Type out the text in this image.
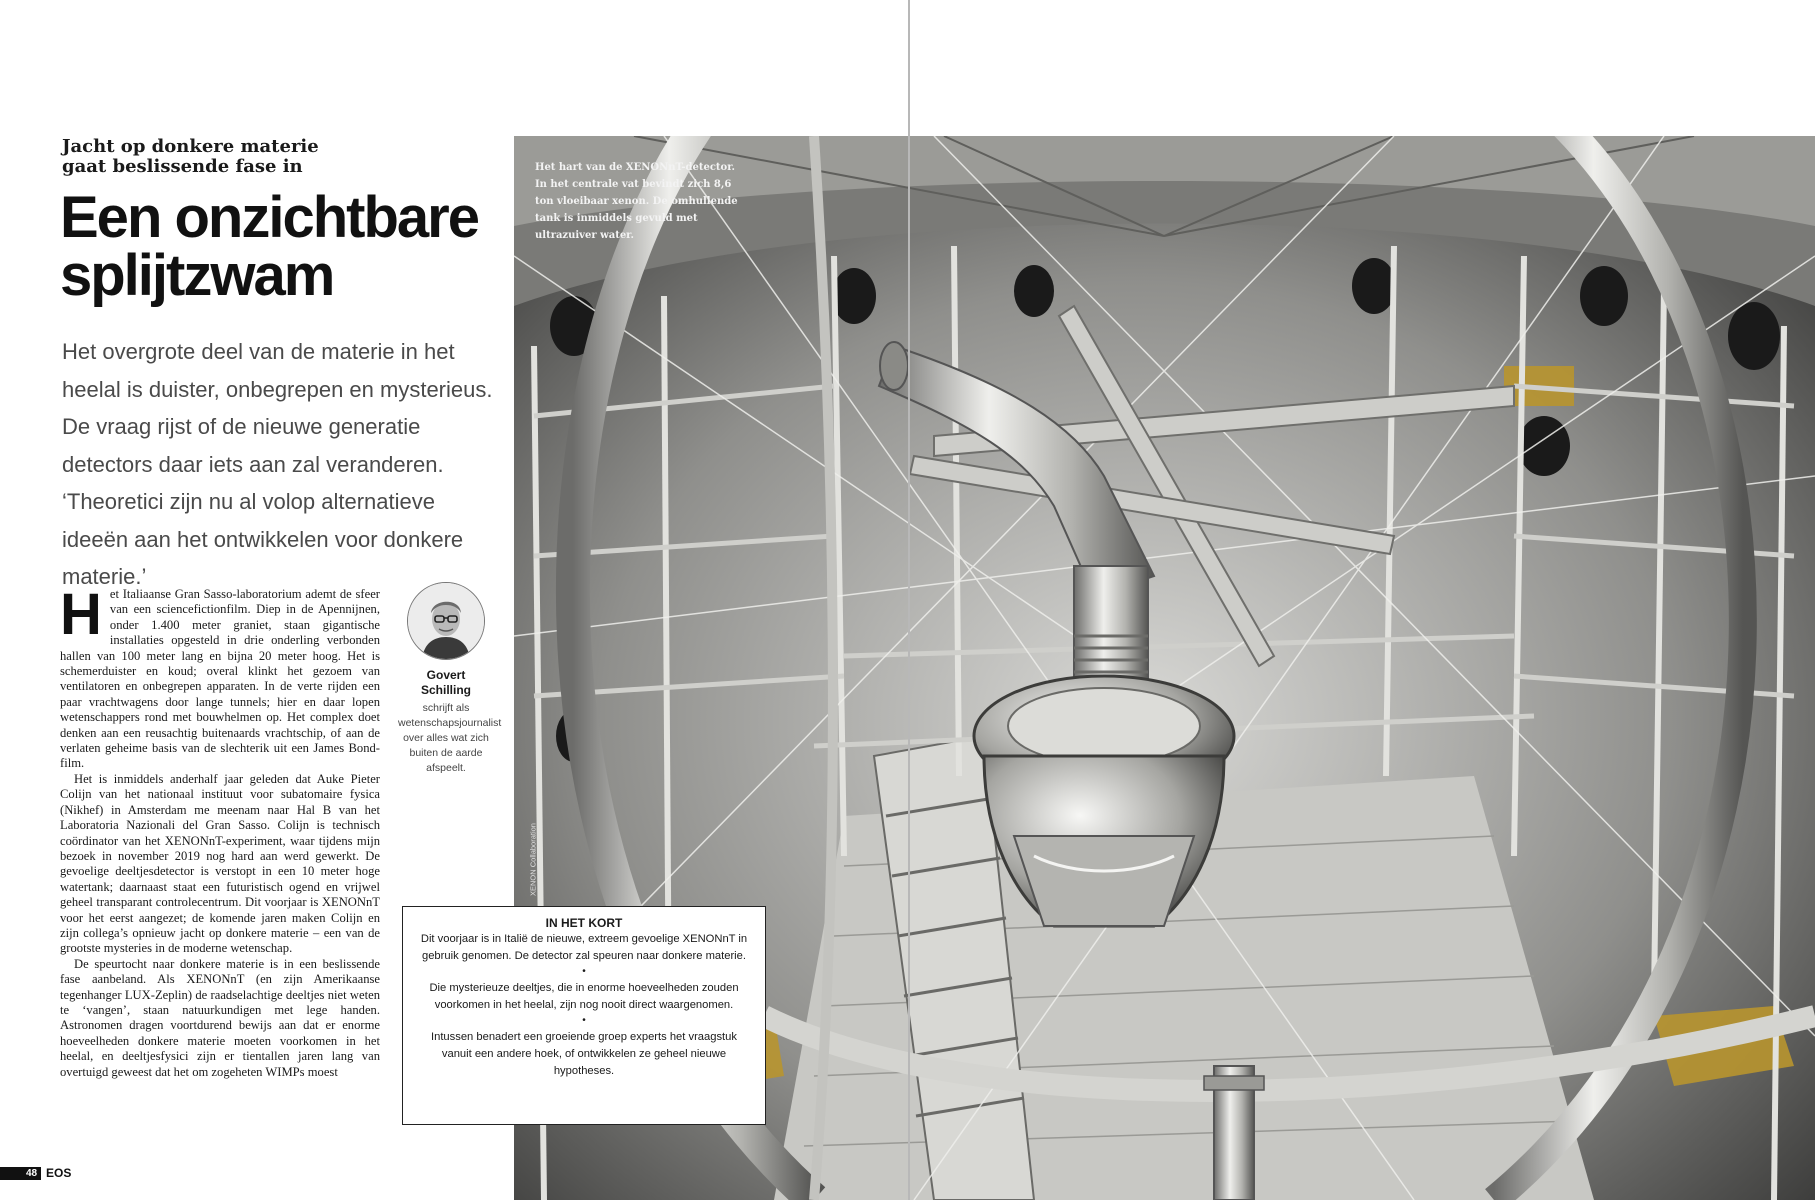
Jacht op donkere materie
gaat beslissende fase in
Een onzichtbare
splijtzwam
Het overgrote deel van de materie in het heelal is duister, onbegrepen en mysterieus. De vraag rijst of de nieuwe generatie detectors daar iets aan zal veranderen. ‘Theoretici zijn nu al volop alternatieve ideeën aan het ontwikkelen voor donkere materie.’

Het Italiaanse Gran Sasso-laboratorium ademt de sfeer van een sciencefictionfilm. Diep in de Apennijnen, onder 1.400 meter graniet, staan gigantische installaties opgesteld in drie onderling verbonden hallen van 100 meter lang en bijna 20 meter hoog. Het is schemerduister en koud; overal klinkt het gezoem van ventilatoren en onbegrepen apparaten. In de verte rijden een paar vrachtwagens door lange tunnels; hier en daar lopen wetenschappers rond met bouwhelmen op. Het complex doet denken aan een reusachtig buitenaards vrachtschip, of aan de verlaten geheime basis van de slechterik uit een James Bond-film.

Het is inmiddels anderhalf jaar geleden dat Auke Pieter Colijn van het nationaal instituut voor subatomaire fysica (Nikhef) in Amsterdam me meenam naar Hal B van het Laboratoria Nazionali del Gran Sasso. Colijn is technisch coördinator van het XENONnT-experiment, waar tijdens mijn bezoek in november 2019 nog hard aan werd gewerkt. De gevoelige deeltjesdetector is verstopt in een 10 meter hoge watertank; daarnaast staat een futuristisch ogend en vrijwel geheel transparant controlecentrum. Dit voorjaar is XENONnT voor het eerst aangezet; de komende jaren maken Colijn en zijn collega’s opnieuw jacht op donkere materie – een van de grootste mysteries in de moderne wetenschap.

De speurtocht naar donkere materie is in een beslissende fase aanbeland. Als XENONnT (en zijn Amerikaanse tegenhanger LUX-Zeplin) de raadselachtige deeltjes niet weten te ‘vangen’, staan natuurkundigen met lege handen. Astronomen dragen voortdurend bewijs aan dat er enorme hoeveelheden donkere materie moeten voorkomen in het heelal, en deeltjesfysici zijn er tientallen jaren lang van overtuigd geweest dat het om zogeheten WIMPs moest

Govert
Schilling
schrijft als wetenschapsjournalist over alles wat zich buiten de aarde afspeelt.
48 EOS
Het hart van de XENONnT-detector. In het centrale vat bevindt zich 8,6 ton vloeibaar xenon. De omhullende tank is inmiddels gevuld met ultrazuiver water.
XENON Collaboration
IN HET KORT
Dit voorjaar is in Italië de nieuwe, extreem gevoelige XENONnT in gebruik genomen. De detector zal speuren naar donkere materie.
•
Die mysterieuze deeltjes, die in enorme hoeveelheden zouden voorkomen in het heelal, zijn nog nooit direct waargenomen.
•
Intussen benadert een groeiende groep experts het vraagstuk vanuit een andere hoek, of ontwikkelen ze geheel nieuwe hypotheses.
